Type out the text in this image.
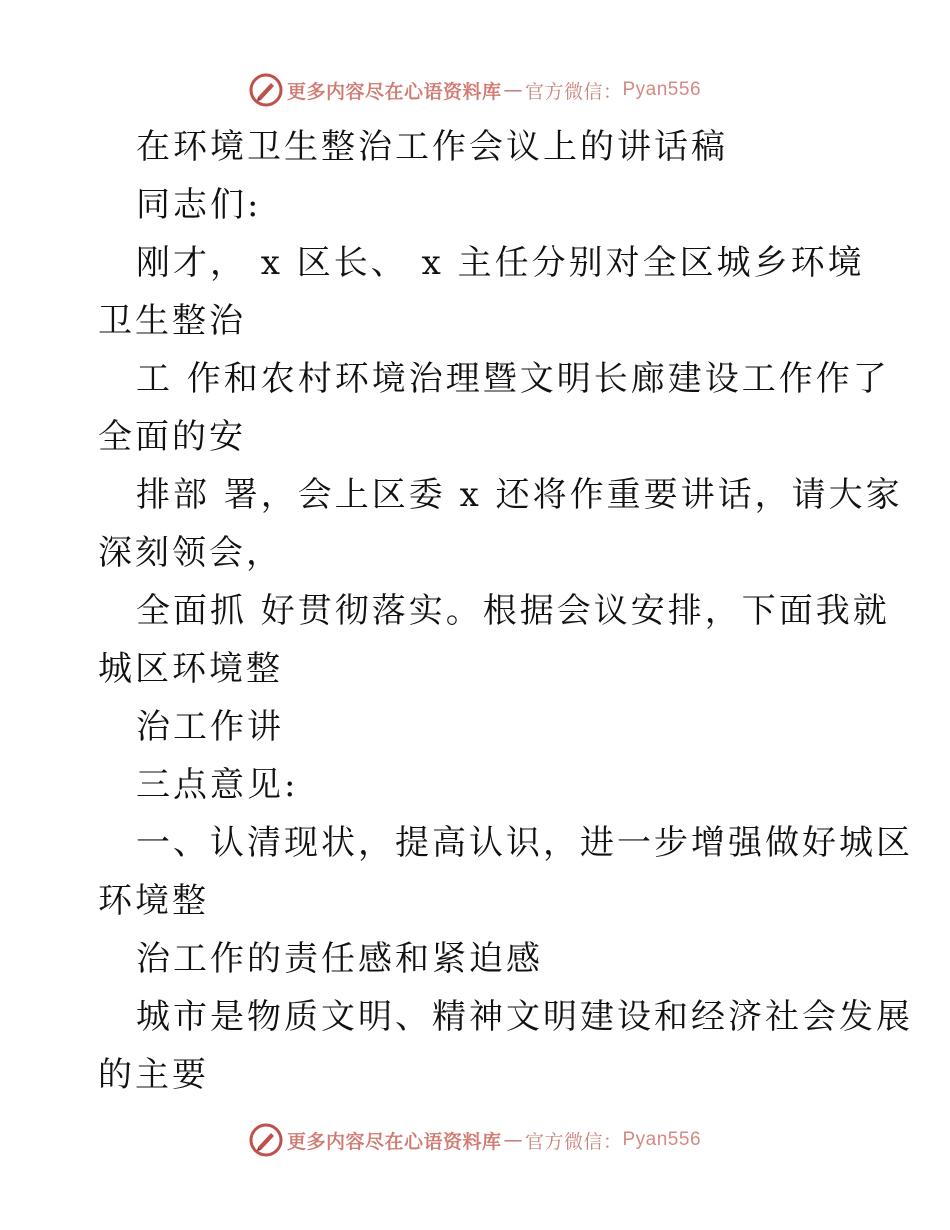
更多内容尽在心语资料库 — 官方微信： Pyan556
在环境卫生整治工作会议上的讲话稿
同志们:
刚才， x 区长、 x 主任分别对全区城乡环境
卫生整治
工 作和农村环境治理暨文明长廊建设工作作了
全面的安
排部 署，会上区委 x 还将作重要讲话，请大家
深刻领会，
全面抓 好贯彻落实。根据会议安排，下面我就
城区环境整
治工作讲
三点意见:
一、认清现状，提高认识，进一步增强做好城区
环境整
治工作的责任感和紧迫感
城市是物质文明、精神文明建设和经济社会发展
的主要
更多内容尽在心语资料库 — 官方微信： Pyan556
